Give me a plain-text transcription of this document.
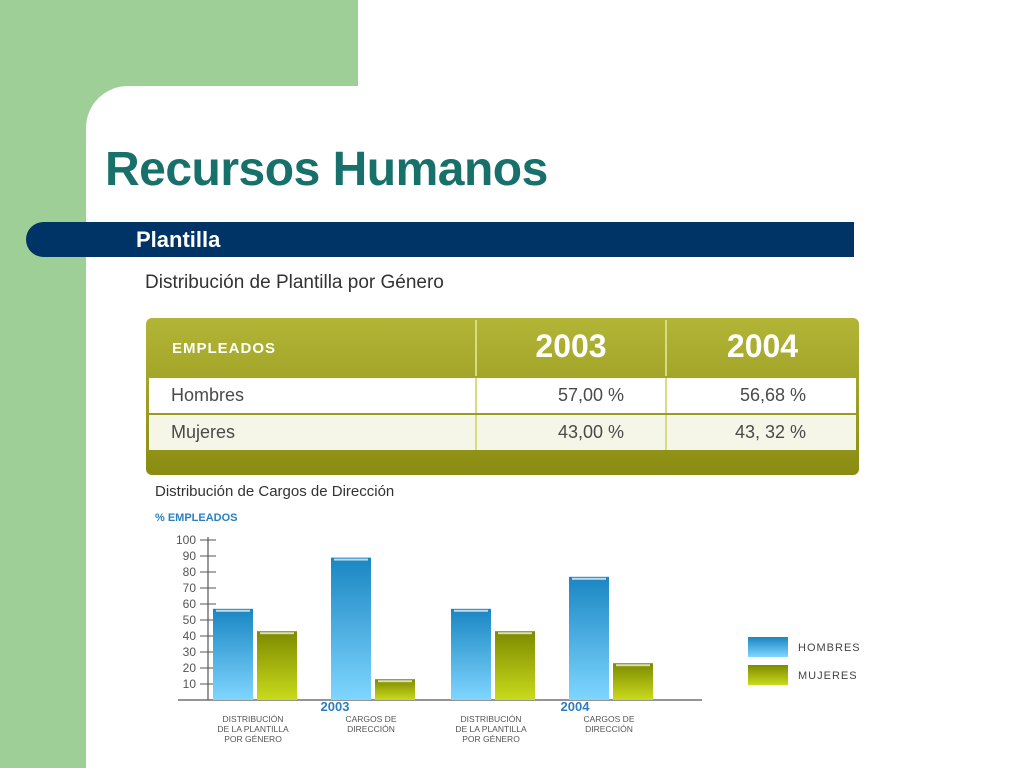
Recursos Humanos
Plantilla
Distribución de Plantilla por Género
EMPLEADOS	2003	2004
Hombres	57,00 %	56,68 %
Mujeres	43,00 %	43, 32 %
Distribución de Cargos de Dirección
% EMPLEADOS
10
20
30
40
50
60
70
80
90
100
2003	2004
DISTRIBUCIÓN
DE LA PLANTILLA
POR GÉNERO
CARGOS DE
DIRECCIÓN
DISTRIBUCIÓN
DE LA PLANTILLA
POR GÉNERO
CARGOS DE
DIRECCIÓN
HOMBRES
MUJERES
